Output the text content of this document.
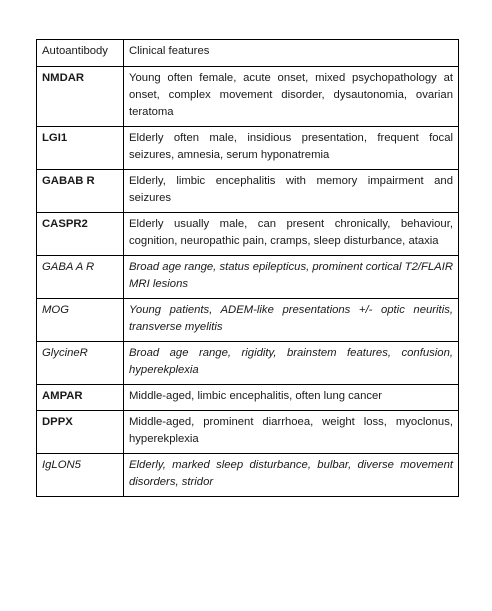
Autoantibody	Clinical features
NMDAR	Young often female, acute onset, mixed psychopathology at onset, complex movement disorder, dysautonomia, ovarian teratoma
LGI1	Elderly often male, insidious presentation, frequent focal seizures, amnesia, serum hyponatremia
GABAB R	Elderly, limbic encephalitis with memory impairment and seizures
CASPR2	Elderly usually male, can present chronically, behaviour, cognition, neuropathic pain, cramps, sleep disturbance, ataxia
GABA A R	Broad age range, status epilepticus, prominent cortical T2/FLAIR MRI lesions
MOG	Young patients, ADEM-like presentations +/- optic neuritis, transverse myelitis
GlycineR	Broad age range, rigidity, brainstem features, confusion, hyperekplexia
AMPAR	Middle-aged, limbic encephalitis, often lung cancer
DPPX	Middle-aged, prominent diarrhoea, weight loss, myoclonus, hyperekplexia
IgLON5	Elderly, marked sleep disturbance, bulbar, diverse movement disorders, stridor
